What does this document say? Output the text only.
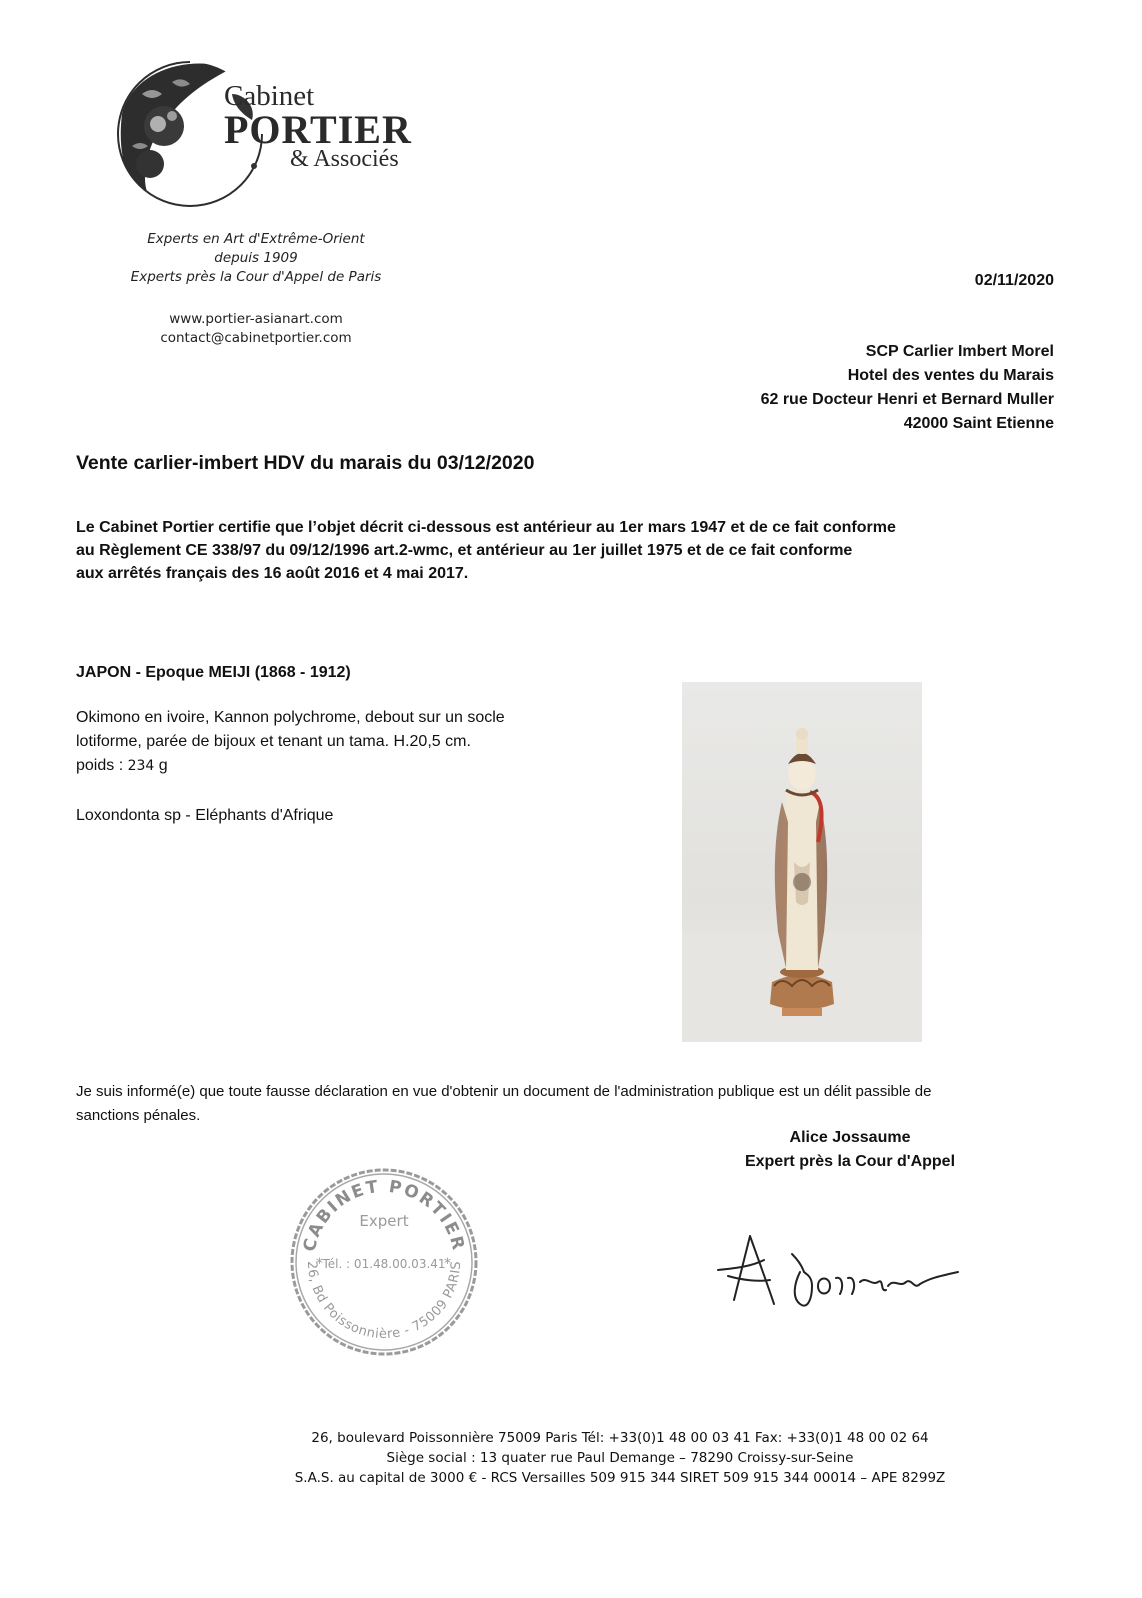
Cabinet
PORTIER
& Associés
Experts en Art d'Extrême-Orient
depuis 1909
Experts près la Cour d'Appel de Paris
www.portier-asianart.com
contact@cabinetportier.com
02/11/2020
SCP Carlier Imbert Morel
Hotel des ventes du Marais
62 rue Docteur Henri et Bernard Muller
42000 Saint Etienne
Vente carlier-imbert HDV du marais du 03/12/2020
Le Cabinet Portier certifie que l’objet décrit ci-dessous est antérieur au 1er mars 1947 et de ce fait conforme
au Règlement CE 338/97 du 09/12/1996 art.2-wmc, et antérieur au 1er juillet 1975 et de ce fait conforme
aux arrêtés français des 16 août 2016 et 4 mai 2017.
JAPON - Epoque MEIJI (1868 - 1912)
Okimono en ivoire, Kannon polychrome, debout sur un socle
lotiforme, parée de bijoux et tenant un tama. H.20,5 cm.
poids : 234 g
Loxondonta sp - Eléphants d'Afrique
Je suis informé(e) que toute fausse déclaration en vue d'obtenir un document de l'administration publique est un délit passible de
sanctions pénales.
Alice Jossaume
Expert près la Cour d'Appel
CABINET PORTIER
Expert
Tél. : 01.48.00.03.41
26, Bd Poissonnière - 75009 PARIS
*	*
26, boulevard Poissonnière 75009 Paris Tél: +33(0)1 48 00 03 41 Fax: +33(0)1 48 00 02 64
Siège social : 13 quater rue Paul Demange – 78290 Croissy-sur-Seine
S.A.S. au capital de 3000 € - RCS Versailles 509 915 344 SIRET 509 915 344 00014 – APE 8299Z
